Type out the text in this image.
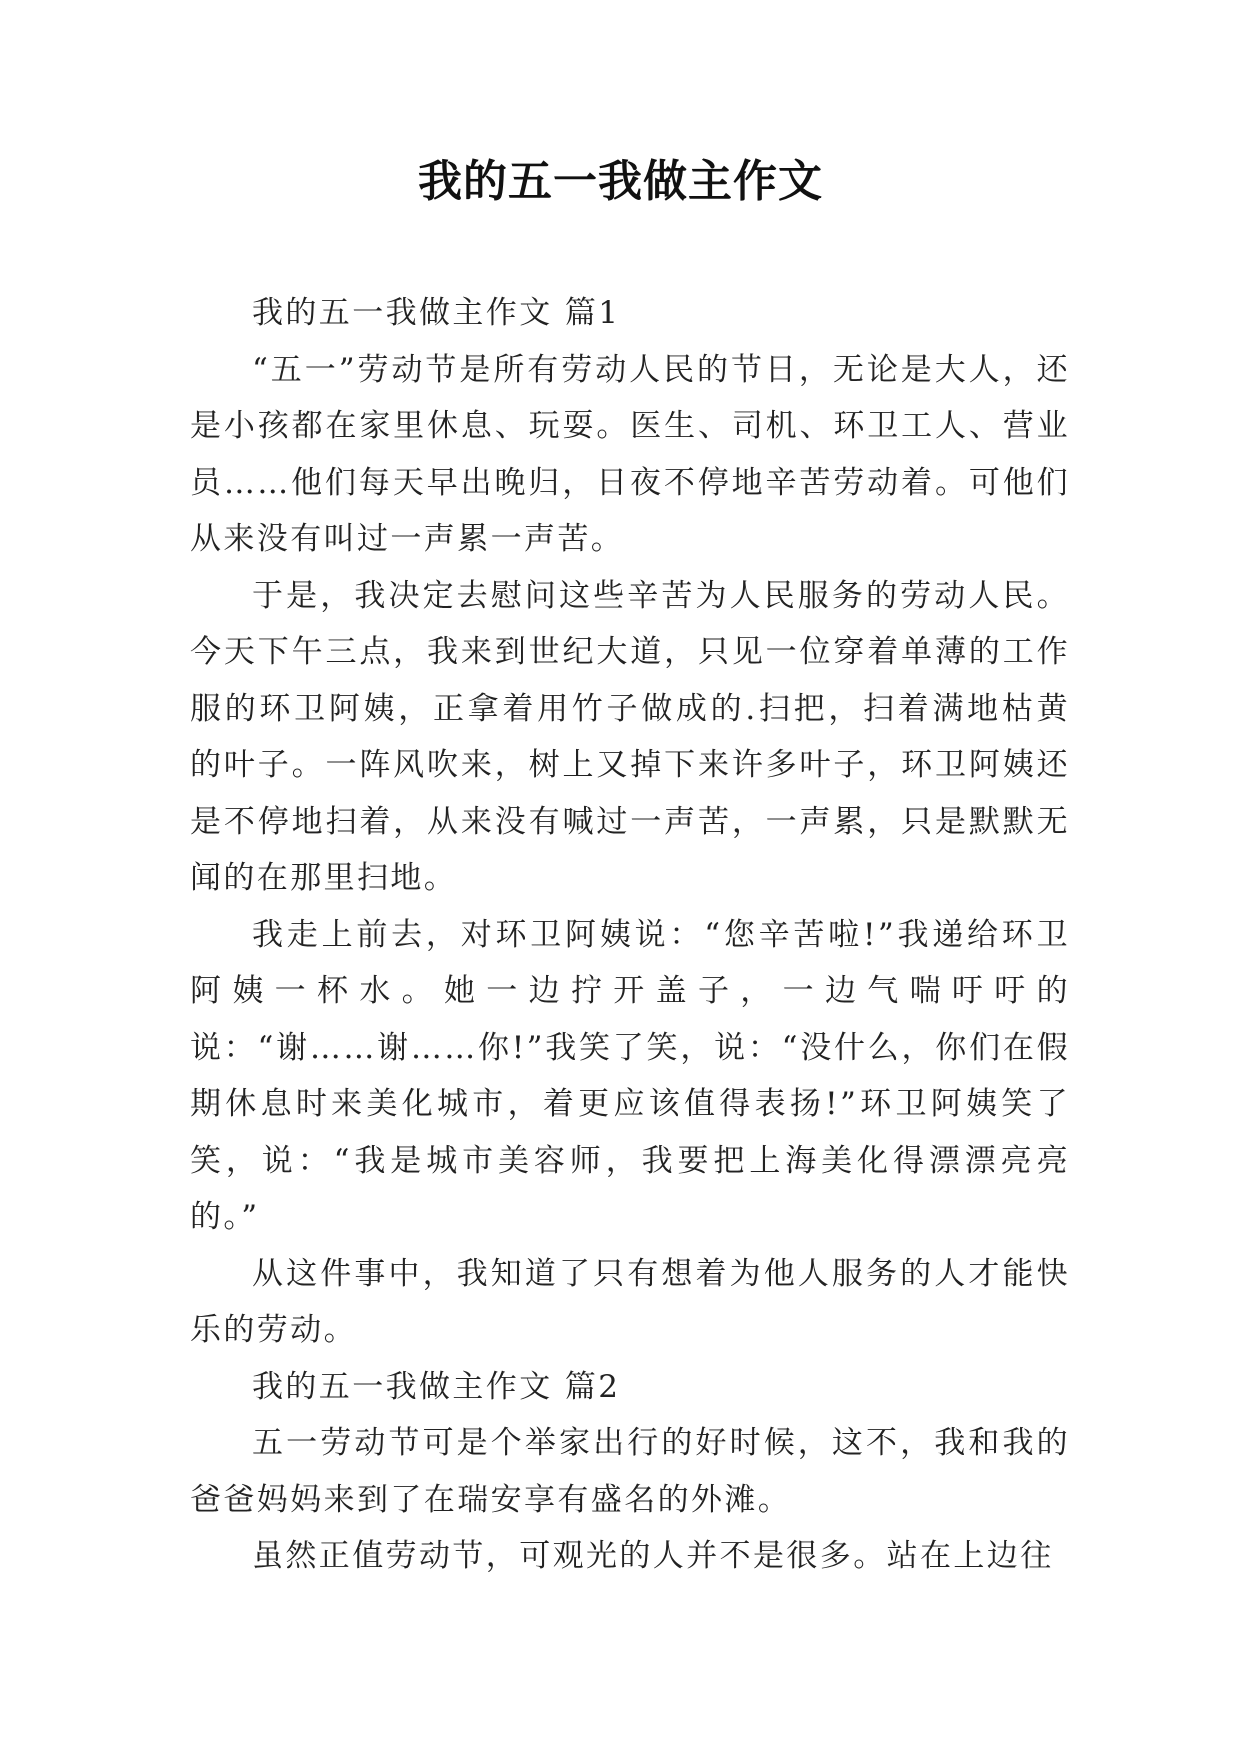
我的五一我做主作文

我的五一我做主作文 篇1

“五一”劳动节是所有劳动人民的节日，无论是大人，还是小孩都在家里休息、玩耍。医生、司机、环卫工人、营业员……他们每天早出晚归，日夜不停地辛苦劳动着。可他们从来没有叫过一声累一声苦。

于是，我决定去慰问这些辛苦为人民服务的劳动人民。今天下午三点，我来到世纪大道，只见一位穿着单薄的工作服的环卫阿姨，正拿着用竹子做成的.扫把，扫着满地枯黄的叶子。一阵风吹来，树上又掉下来许多叶子，环卫阿姨还是不停地扫着，从来没有喊过一声苦，一声累，只是默默无闻的在那里扫地。

我走上前去，对环卫阿姨说：“您辛苦啦!”我递给环卫阿姨一杯水。她一边拧开盖子，一边气喘吁吁的说：“谢……谢……你!”我笑了笑，说：“没什么，你们在假期休息时来美化城市，着更应该值得表扬!”环卫阿姨笑了笑，说：“我是城市美容师，我要把上海美化得漂漂亮亮的。”

从这件事中，我知道了只有想着为他人服务的人才能快乐的劳动。

我的五一我做主作文 篇2

五一劳动节可是个举家出行的好时候，这不，我和我的爸爸妈妈来到了在瑞安享有盛名的外滩。

虽然正值劳动节，可观光的人并不是很多。站在上边往
